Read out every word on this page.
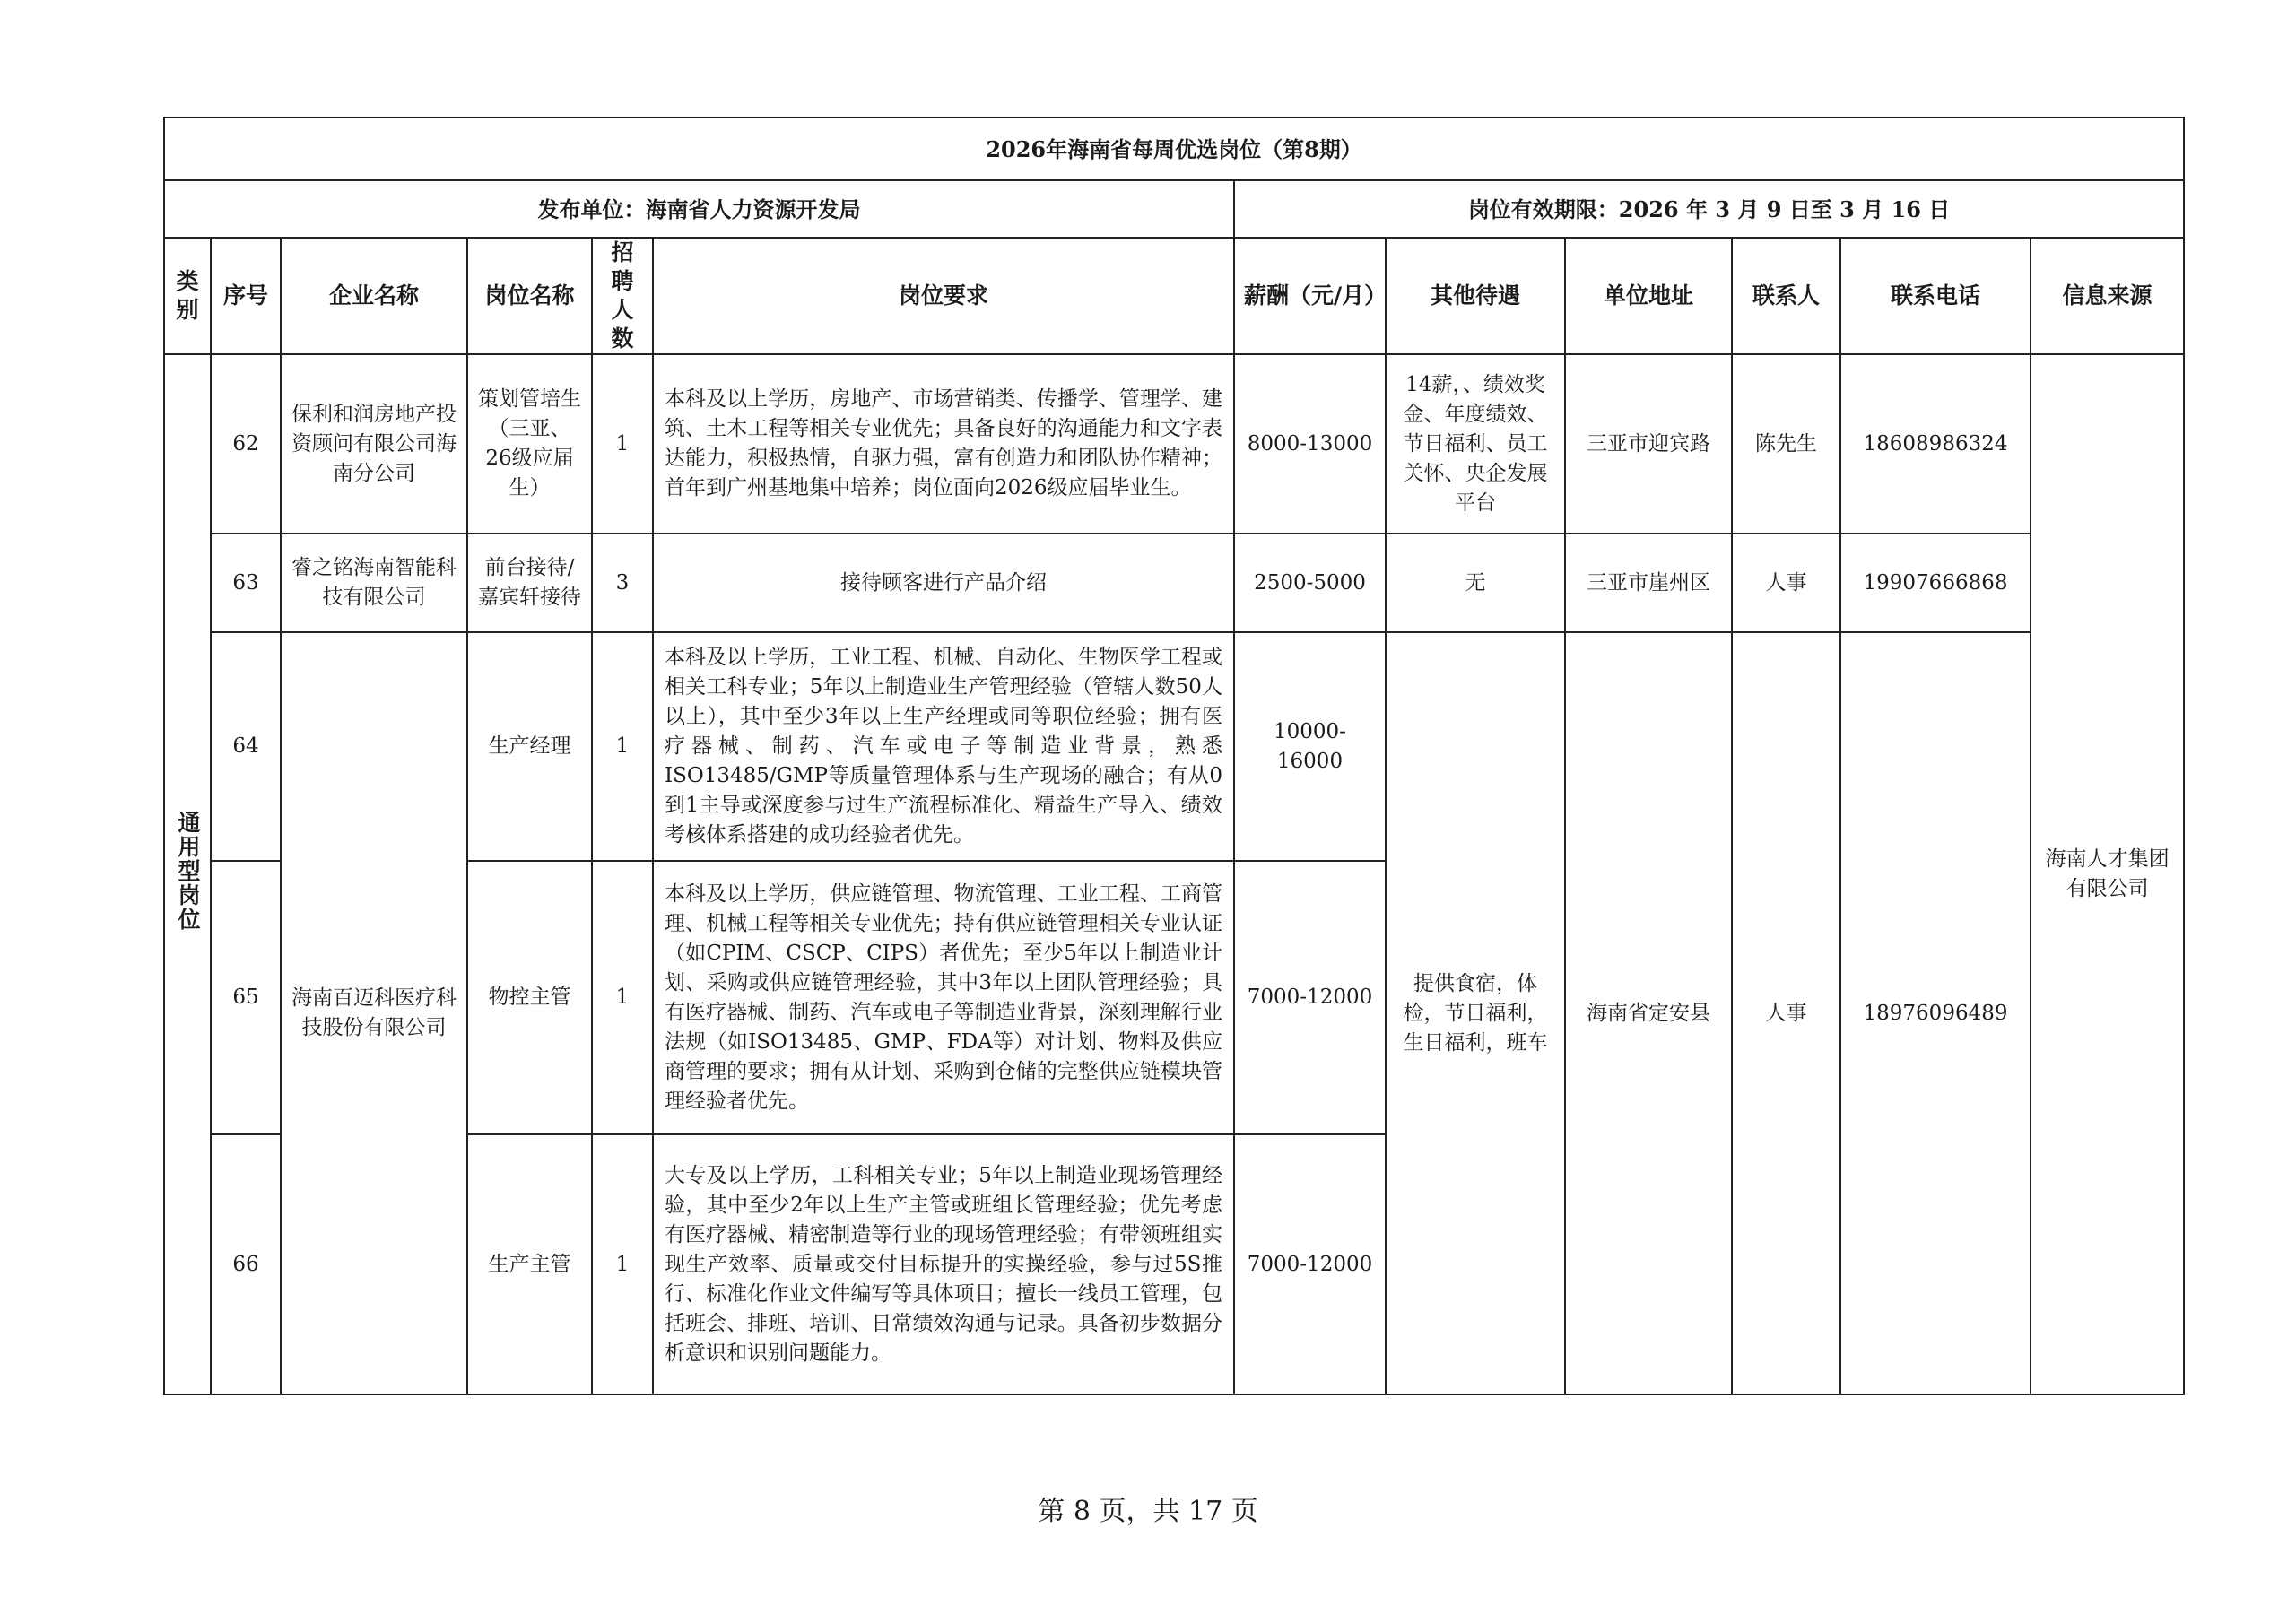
2026年海南省每周优选岗位（第8期）											
发布单位：海南省人力资源开发局						岗位有效期限：2026 年 3 月 9 日至 3 月 16 日					
类别	序号	企业名称	岗位名称	招聘人数	岗位要求	薪酬（元/月）	其他待遇	单位地址	联系人	联系电话	信息来源
通用型岗位	62	保利和润房地产投资顾问有限公司海南分公司	策划管培生（三亚、26级应届生）	1	本科及以上学历，房地产、市场营销类、传播学、管理学、建筑、土木工程等相关专业优先；具备良好的沟通能力和文字表达能力，积极热情，自驱力强，富有创造力和团队协作精神；首年到广州基地集中培养；岗位面向2026级应届毕业生。	8000-13000	14薪，、绩效奖金、年度绩效、节日福利、员工关怀、央企发展平台	三亚市迎宾路	陈先生	18608986324	海南人才集团有限公司
	63	睿之铭海南智能科技有限公司	前台接待/嘉宾轩接待	3	接待顾客进行产品介绍	2500-5000	无	三亚市崖州区	人事	19907666868	
	64	海南百迈科医疗科技股份有限公司	生产经理	1	本科及以上学历，工业工程、机械、自动化、生物医学工程或相关工科专业；5年以上制造业生产管理经验（管辖人数50人以上），其中至少3年以上生产经理或同等职位经验；拥有医疗器械、制药、汽车或电子等制造业背景，熟悉ISO13485/GMP等质量管理体系与生产现场的融合；有从0到1主导或深度参与过生产流程标准化、精益生产导入、绩效考核体系搭建的成功经验者优先。	10000-16000	提供食宿，体检，节日福利，生日福利，班车	海南省定安县	人事	18976096489	
	65		物控主管	1	本科及以上学历，供应链管理、物流管理、工业工程、工商管理、机械工程等相关专业优先；持有供应链管理相关专业认证（如CPIM、CSCP、CIPS）者优先；至少5年以上制造业计划、采购或供应链管理经验，其中3年以上团队管理经验；具有医疗器械、制药、汽车或电子等制造业背景，深刻理解行业法规（如ISO13485、GMP、FDA等）对计划、物料及供应商管理的要求；拥有从计划、采购到仓储的完整供应链模块管理经验者优先。	7000-12000					
	66		生产主管	1	大专及以上学历，工科相关专业；5年以上制造业现场管理经验，其中至少2年以上生产主管或班组长管理经验；优先考虑有医疗器械、精密制造等行业的现场管理经验；有带领班组实现生产效率、质量或交付目标提升的实操经验，参与过5S推行、标准化作业文件编写等具体项目；擅长一线员工管理，包括班会、排班、培训、日常绩效沟通与记录。具备初步数据分析意识和识别问题能力。	7000-12000					
第 8 页，共 17 页
